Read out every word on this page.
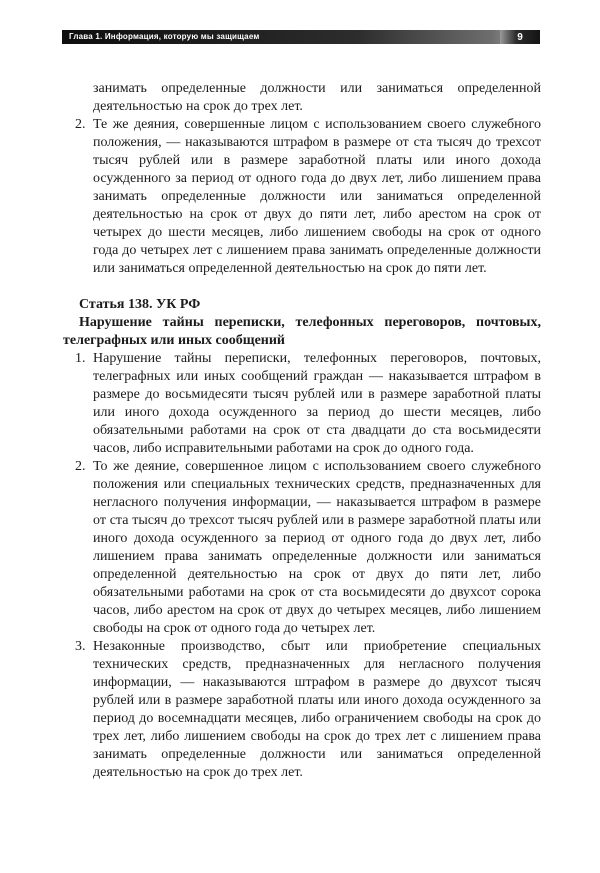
Глава 1. Информация, которую мы защищаем	9

занимать определенные должности или заниматься определенной деятельностью на срок до трех лет.

2. Те же деяния, совершенные лицом с использованием своего служебного положения, — наказываются штрафом в размере от ста тысяч до трехсот тысяч рублей или в размере заработной платы или иного дохода осужденного за период от одного года до двух лет, либо лишением права занимать определенные должности или заниматься определенной деятельностью на срок от двух до пяти лет, либо арестом на срок от четырех до шести месяцев, либо лишением свободы на срок от одного года до четырех лет с лишением права занимать определенные должности или заниматься определенной деятельностью на срок до пяти лет.

Статья 138. УК РФ

Нарушение тайны переписки, телефонных переговоров, почтовых, телеграфных или иных сообщений

1. Нарушение тайны переписки, телефонных переговоров, почтовых, телеграфных или иных сообщений граждан — наказывается штрафом в размере до восьмидесяти тысяч рублей или в размере заработной платы или иного дохода осужденного за период до шести месяцев, либо обязательными работами на срок от ста двадцати до ста восьмидесяти часов, либо исправительными работами на срок до одного года.
2. То же деяние, совершенное лицом с использованием своего служебного положения или специальных технических средств, предназначенных для негласного получения информации, — наказывается штрафом в размере от ста тысяч до трехсот тысяч рублей или в размере заработной платы или иного дохода осужденного за период от одного года до двух лет, либо лишением права занимать определенные должности или заниматься определенной деятельностью на срок от двух до пяти лет, либо обязательными работами на срок от ста восьмидесяти до двухсот сорока часов, либо арестом на срок от двух до четырех месяцев, либо лишением свободы на срок от одного года до четырех лет.
3. Незаконные производство, сбыт или приобретение специальных технических средств, предназначенных для негласного получения информации, — наказываются штрафом в размере до двухсот тысяч рублей или в размере заработной платы или иного дохода осужденного за период до восемнадцати месяцев, либо ограничением свободы на срок до трех лет, либо лишением свободы на срок до трех лет с лишением права занимать определенные должности или заниматься определенной деятельностью на срок до трех лет.
